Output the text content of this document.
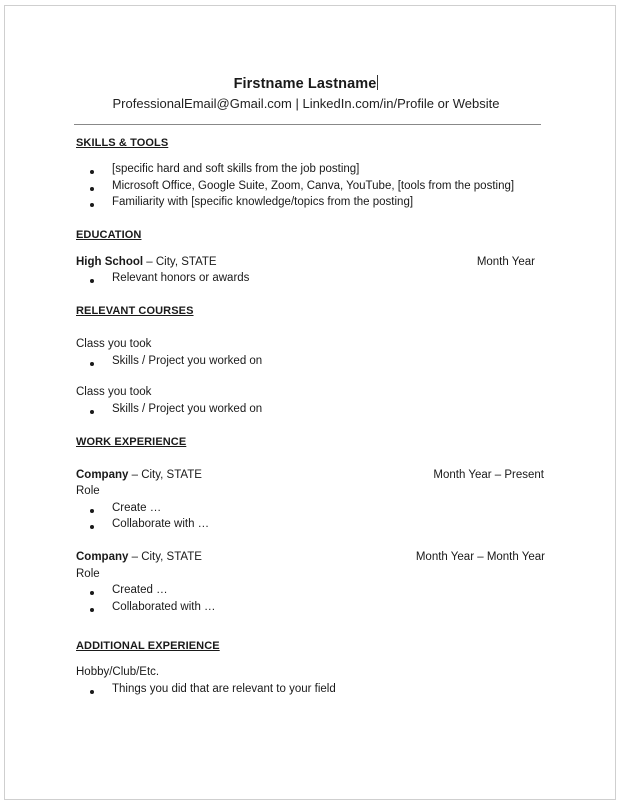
Firstname Lastname
ProfessionalEmail@Gmail.com | LinkedIn.com/in/Profile or Website
SKILLS & TOOLS
[specific hard and soft skills from the job posting]
Microsoft Office, Google Suite, Zoom, Canva, YouTube, [tools from the posting]
Familiarity with [specific knowledge/topics from the posting]
EDUCATION
High School – City, STATE	Month Year
Relevant honors or awards
RELEVANT COURSES
Class you took
Skills / Project you worked on
Class you took
Skills / Project you worked on
WORK EXPERIENCE
Company – City, STATE	Month Year – Present
Role
Create …
Collaborate with …
Company – City, STATE	Month Year – Month Year
Role
Created …
Collaborated with …
ADDITIONAL EXPERIENCE
Hobby/Club/Etc.
Things you did that are relevant to your field
